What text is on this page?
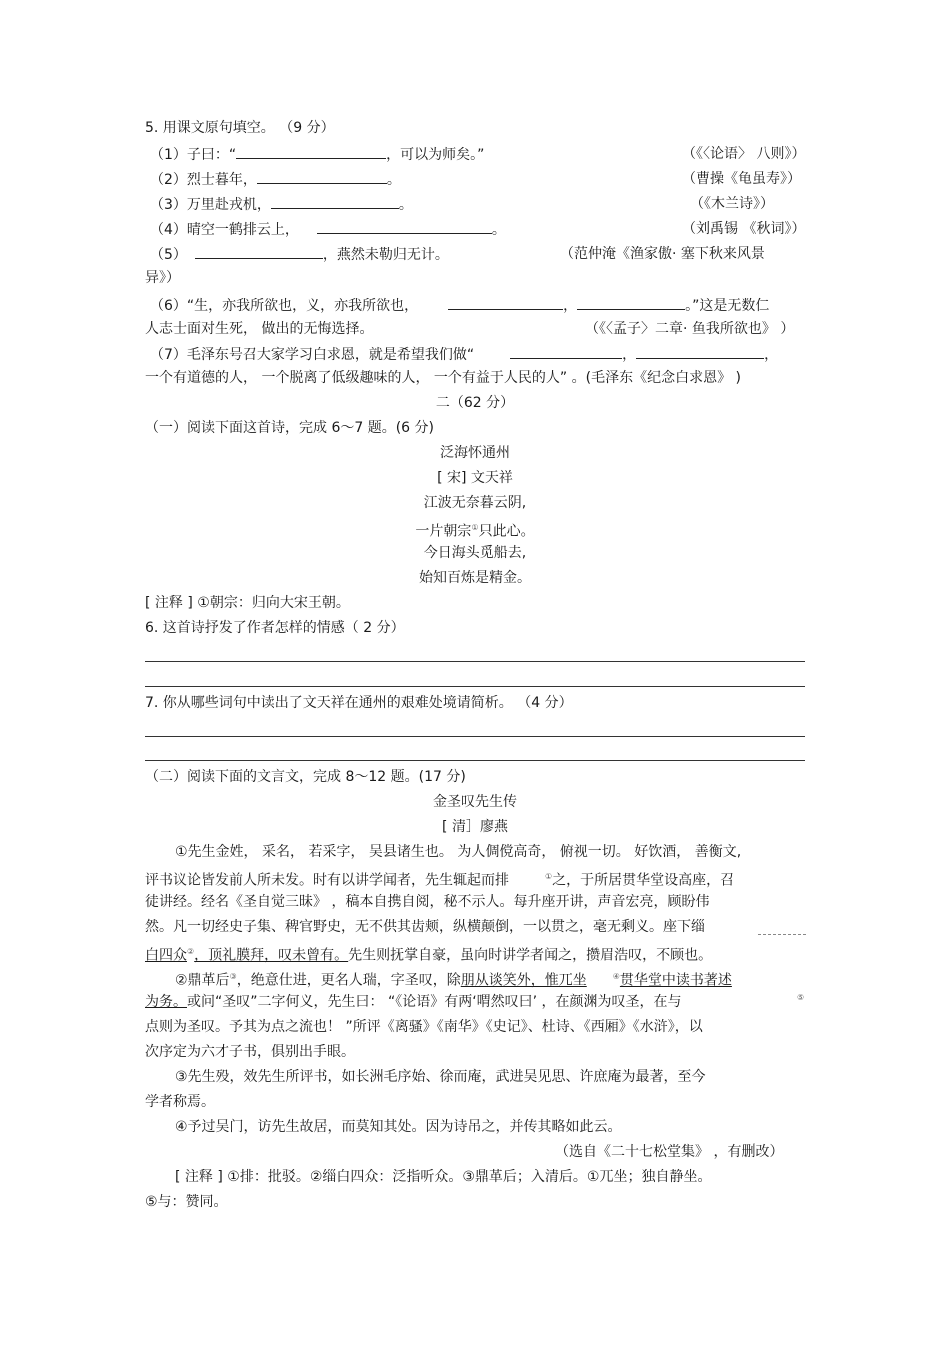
5. 用课文原句填空。 （9 分）
（1）子曰：“	，可以为师矣。”	（《〈论语〉 八则》）
（2）烈士暮年，	。	（曹操《龟虽寿》）
（3）万里赴戎机，	。	（《木兰诗》）
（4）晴空一鹤排云上，	。	（刘禹锡 《秋词》）
（5）	，燕然未勒归无计。	（范仲淹《渔家傲· 塞下秋来风景
异》）
（6）“生，亦我所欲也，义，亦我所欲也，	，	。”这是无数仁
人志士面对生死， 做出的无悔选择。	（《〈孟子〉二章· 鱼我所欲也》 ）
（7）毛泽东号召大家学习白求恩，就是希望我们做“	，	，
一个有道德的人， 一个脱离了低级趣味的人， 一个有益于人民的人” 。(毛泽东《纪念白求恩》 )
二（62 分）
（一）阅读下面这首诗，完成 6～7 题。(6 分)
泛海怀通州
[ 宋] 文天祥
江波无奈暮云阴,
一片朝宗①只此心。
今日海头觅船去,
始知百炼是精金。
[ 注释 ] ①朝宗：归向大宋王朝。
6. 这首诗抒发了作者怎样的情感（ 2 分）
7. 你从哪些词句中读出了文天祥在通州的艰难处境请简析。 （4 分）
（二）阅读下面的文言文，完成 8～12 题。(17 分)
金圣叹先生传
[ 清］廖燕
①先生金姓， 采名， 若采字， 吴县诸生也。 为人倜傥高奇， 俯视一切。 好饮酒， 善衡文,
评书议论皆发前人所未发。时有以讲学闻者，先生辄起而排	①之，于所居贯华堂设高座，召
徒讲经。经名《圣自觉三昧》 ，稿本自携自阅，秘不示人。每升座开讲，声音宏亮，顾盼伟
然。凡一切经史子集、稗官野史，无不供其齿颊，纵横颠倒，一以贯之，毫无剩义。座下缁
白四众②，顶礼膜拜，叹未曾有。先生则抚掌自豪，虽向时讲学者闻之，攒眉浩叹，不顾也。
②鼎革后③，绝意仕进，更名人瑞，字圣叹，除朋从谈笑外，惟兀坐	④贯华堂中读书著述
为务。或问“圣叹”二字何义，先生曰： “《论语》有两‘喟然叹曰’ ，在颜渊为叹圣，在与	⑤
点则为圣叹。予其为点之流也！ ”所评《离骚》《南华》《史记》、杜诗、《西厢》《水浒》，以
次序定为六才子书，俱别出手眼。
③先生殁，效先生所评书，如长洲毛序始、徐而庵，武进吴见思、许庶庵为最著，至今
学者称焉。
④予过吴门，访先生故居，而莫知其处。因为诗吊之，并传其略如此云。
（选自《二十七松堂集》 ，有删改）
[ 注释 ] ①排：批驳。②缁白四众：泛指听众。③鼎革后；入清后。①兀坐；独自静坐。
⑤与：赞同。
